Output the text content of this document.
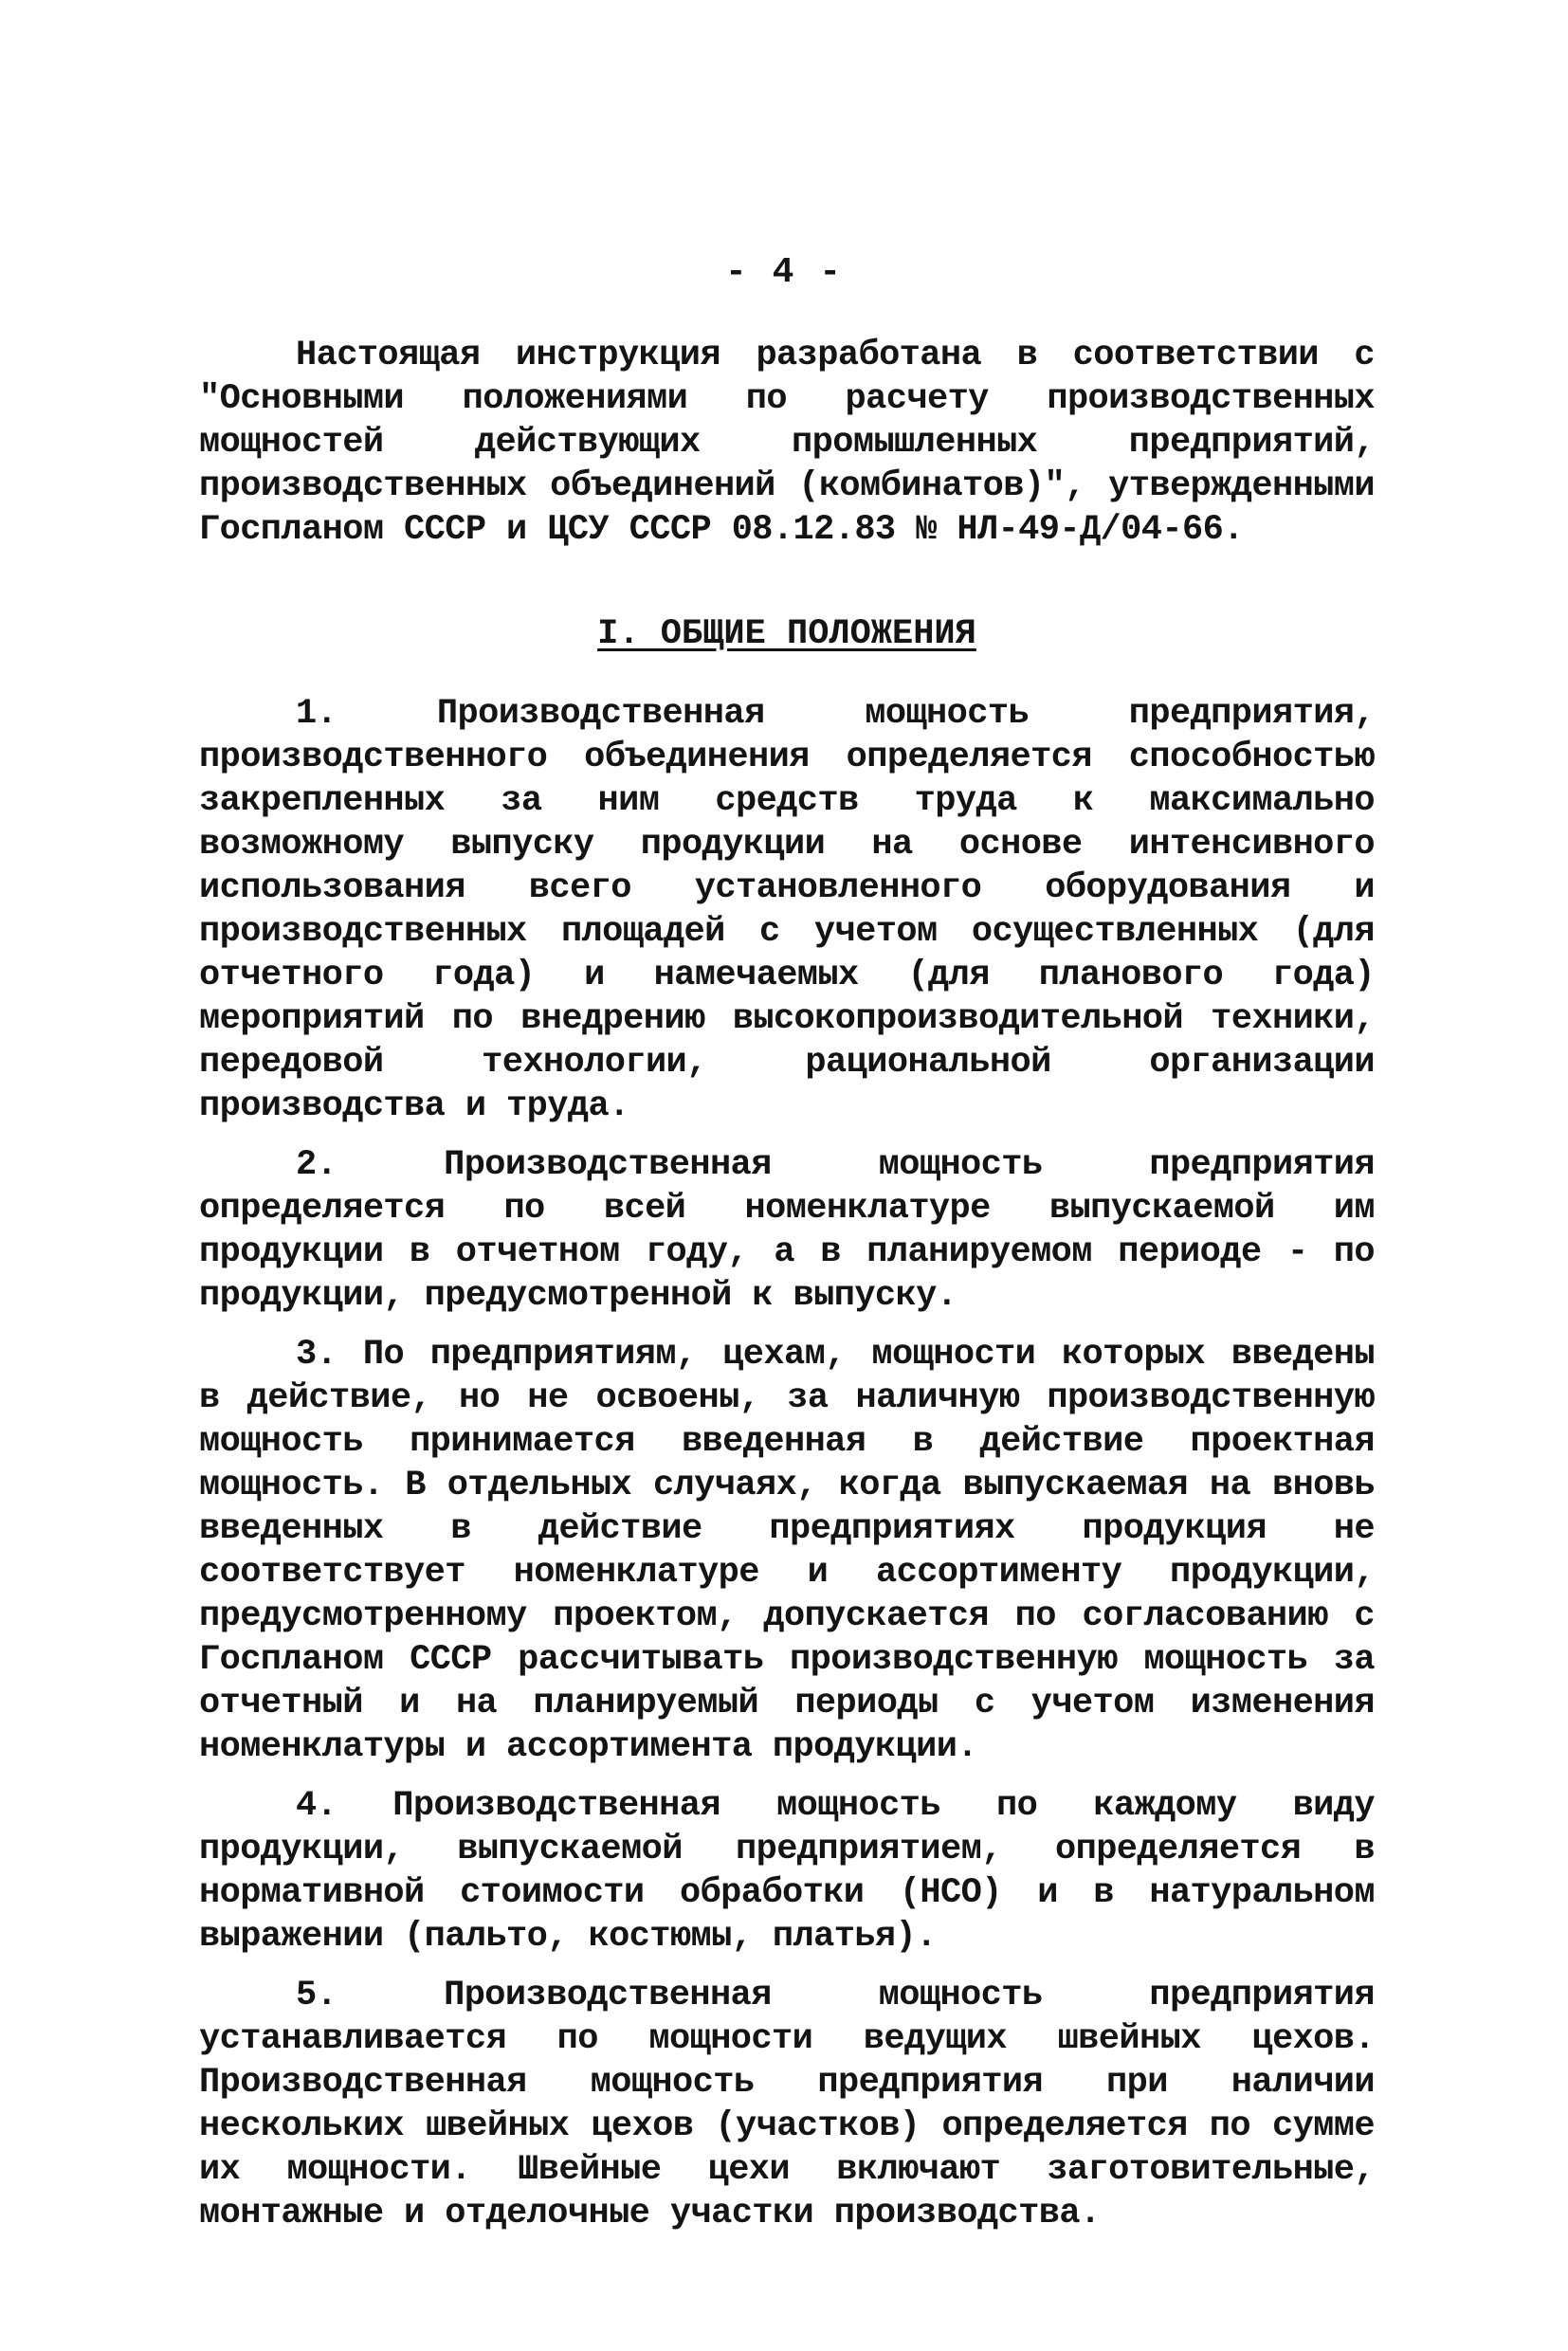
- 4 -

Настоящая инструкция разработана в соответствии с "Основными положениями по расчету производственных мощностей действующих промышленных предприятий, производственных объединений (комбинатов)", утвержденными Госпланом СССР и ЦСУ СССР 08.12.83 № НЛ-49-Д/04-66.

I. ОБЩИЕ ПОЛОЖЕНИЯ

1. Производственная мощность предприятия, производственного объединения определяется способностью закрепленных за ним средств труда к максимально возможному выпуску продукции на основе интенсивного использования всего установленного оборудования и производственных площадей с учетом осуществленных (для отчетного года) и намечаемых (для планового года) мероприятий по внедрению высокопроизводительной техники, передовой технологии, рациональной организации производства и труда.

2. Производственная мощность предприятия определяется по всей номенклатуре выпускаемой им продукции в отчетном году, а в планируемом периоде - по продукции, предусмотренной к выпуску.

3. По предприятиям, цехам, мощности которых введены в действие, но не освоены, за наличную производственную мощность принимается введенная в действие проектная мощность. В отдельных случаях, когда выпускаемая на вновь введенных в действие предприятиях продукция не соответствует номенклатуре и ассортименту продукции, предусмотренному проектом, допускается по согласованию с Госпланом СССР рассчитывать производственную мощность за отчетный и на планируемый периоды с учетом изменения номенклатуры и ассортимента продукции.

4. Производственная мощность по каждому виду продукции, выпускаемой предприятием, определяется в нормативной стоимости обработки (НСО) и в натуральном выражении (пальто, костюмы, платья).

5. Производственная мощность предприятия устанавливается по мощности ведущих швейных цехов. Производственная мощность предприятия при наличии нескольких швейных цехов (участков) определяется по сумме их мощности. Швейные цехи включают заготовительные, монтажные и отделочные участки производства.
